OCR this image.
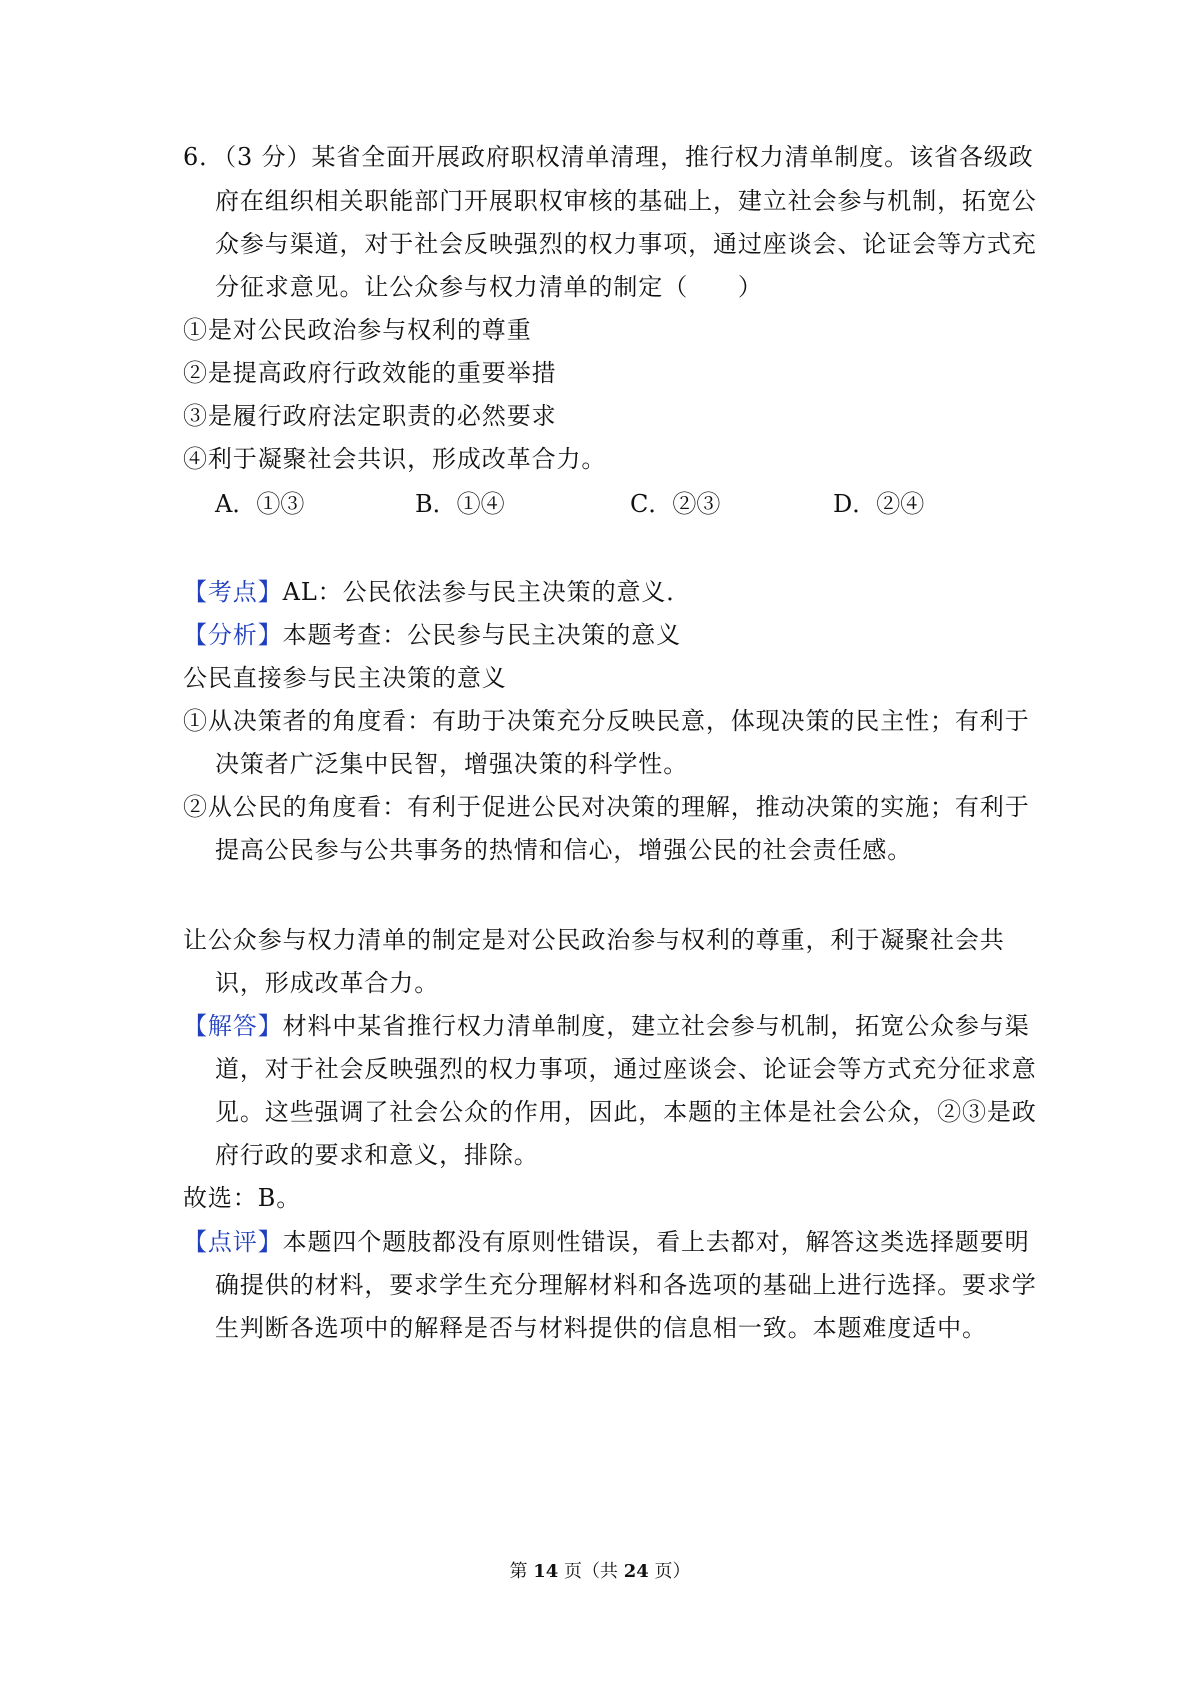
6．（3 分）某省全面开展政府职权清单清理，推行权力清单制度。该省各级政
府在组织相关职能部门开展职权审核的基础上，建立社会参与机制，拓宽公
众参与渠道，对于社会反映强烈的权力事项，通过座谈会、论证会等方式充
分征求意见。让公众参与权力清单的制定（　　）
①是对公民政治参与权利的尊重
②是提高政府行政效能的重要举措
③是履行政府法定职责的必然要求
④利于凝聚社会共识，形成改革合力。
A．①③	B．①④	C．②③	D．②④
【考点】AL：公民依法参与民主决策的意义．
【分析】本题考查：公民参与民主决策的意义
公民直接参与民主决策的意义
①从决策者的角度看：有助于决策充分反映民意，体现决策的民主性；有利于
决策者广泛集中民智，增强决策的科学性。
②从公民的角度看：有利于促进公民对决策的理解，推动决策的实施；有利于
提高公民参与公共事务的热情和信心，增强公民的社会责任感。
让公众参与权力清单的制定是对公民政治参与权利的尊重，利于凝聚社会共
识，形成改革合力。
【解答】材料中某省推行权力清单制度，建立社会参与机制，拓宽公众参与渠
道，对于社会反映强烈的权力事项，通过座谈会、论证会等方式充分征求意
见。这些强调了社会公众的作用，因此，本题的主体是社会公众，②③是政
府行政的要求和意义，排除。
故选：B。
【点评】本题四个题肢都没有原则性错误，看上去都对，解答这类选择题要明
确提供的材料，要求学生充分理解材料和各选项的基础上进行选择。要求学
生判断各选项中的解释是否与材料提供的信息相一致。本题难度适中。
第 14 页（共 24 页）
